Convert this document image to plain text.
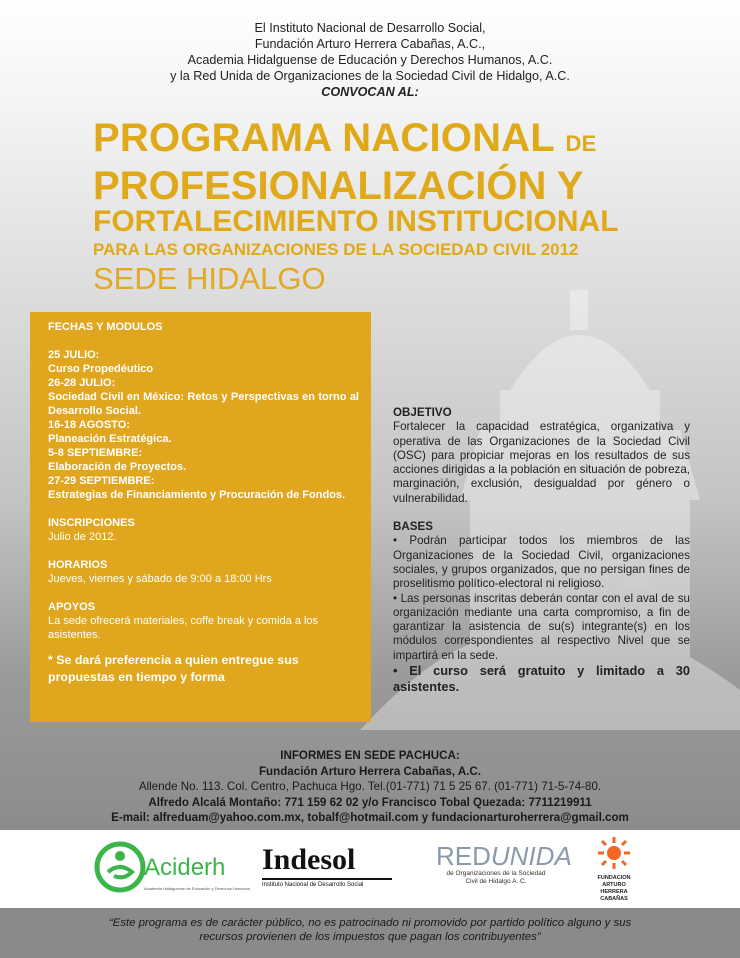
El Instituto Nacional de Desarrollo Social,
Fundación Arturo Herrera Cabañas, A.C.,
Academia Hidalguense de Educación y Derechos Humanos, A.C.
y la Red Unida de Organizaciones de la Sociedad Civil de Hidalgo, A.C.
CONVOCAN AL:
PROGRAMA NACIONAL DE
PROFESIONALIZACIÓN Y
FORTALECIMIENTO INSTITUCIONAL
PARA LAS ORGANIZACIONES DE LA SOCIEDAD CIVIL 2012
SEDE HIDALGO
FECHAS Y MODULOS
25 JULIO:
Curso Propedéutico
26-28 JULIO:
Sociedad Civil en México: Retos y Perspectivas en torno al Desarrollo Social.
16-18 AGOSTO:
Planeación Estratégica.
5-8 SEPTIEMBRE:
Elaboración de Proyectos.
27-29 SEPTIEMBRE:
Estrategias de Financiamiento y Procuración de Fondos.
INSCRIPCIONES
Julio de 2012.
HORARIOS
Jueves, viernes y sábado de 9:00 a 18:00 Hrs
APOYOS
La sede ofrecerá materiales, coffe break y comida a los asistentes.
* Se dará preferencia a quien entregue sus propuestas en tiempo y forma
OBJETIVO
Fortalecer la capacidad estratégica, organizativa y operativa de las Organizaciones de la Sociedad Civil (OSC) para propiciar mejoras en los resultados de sus acciones dirigidas a la población en situación de pobreza, marginación, exclusión, desigualdad por género o vulnerabilidad.
BASES
• Podrán participar todos los miembros de las Organizaciones de la Sociedad Civil, organizaciones sociales, y grupos organizados, que no persigan fines de proselitismo político-electoral ni religioso.
• Las personas inscritas deberán contar con el aval de su organización mediante una carta compromiso, a fin de garantizar la asistencia de su(s) integrante(s) en los módulos correspondientes al respectivo Nivel que se impartirá en la sede.
• El curso será gratuito y limitado a 30 asistentes.
INFORMES EN SEDE PACHUCA:
Fundación Arturo Herrera Cabañas, A.C.
Allende No. 113. Col. Centro, Pachuca Hgo. Tel.(01-771) 71 5 25 67. (01-771) 71-5-74-80.
Alfredo Alcalá Montaño: 771 159 62 02 y/o Francisco Tobal Quezada: 7711219911
E-mail: alfreduam@yahoo.com.mx, tobalf@hotmail.com y fundacionarturoherrera@gmail.com
Aciderh
Academia Hidalguense de Educación y Derechos Humanos
Indesol
Instituto Nacional de Desarrollo Social
REDUNIDA
de Organizaciones de la Sociedad
Civil de Hidalgo A. C.	FUNDACION
ARTURO
HERRERA
CABAÑAS
“Este programa es de carácter público, no es patrocinado ni promovido por partido político alguno y sus
recursos provienen de los impuestos que pagan los contribuyentes”
